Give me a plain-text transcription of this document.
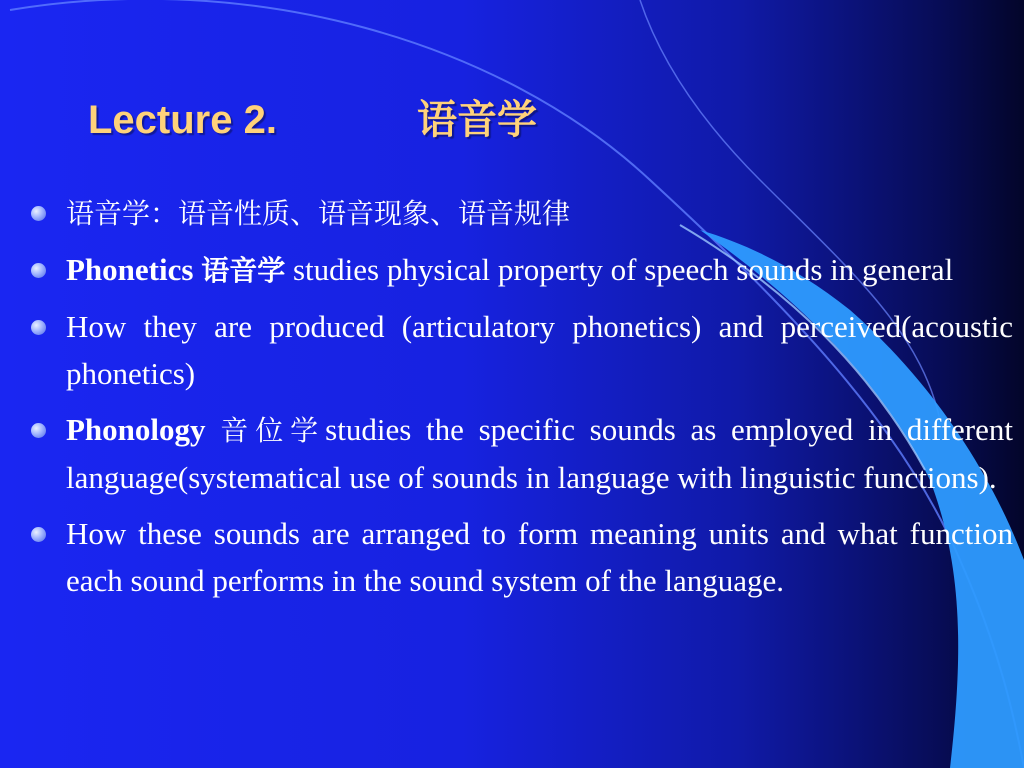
Lecture 2.	语音学
语音学：语音性质、语音现象、语音规律
Phonetics 语音学 studies physical property of speech sounds in general
How they are produced (articulatory phonetics) and perceived(acoustic phonetics)
Phonology 音位学studies the specific sounds as employed in different language(systematical use of sounds in language with linguistic functions).
How these sounds are arranged to form meaning units and what function each sound performs in the sound system of the language.
